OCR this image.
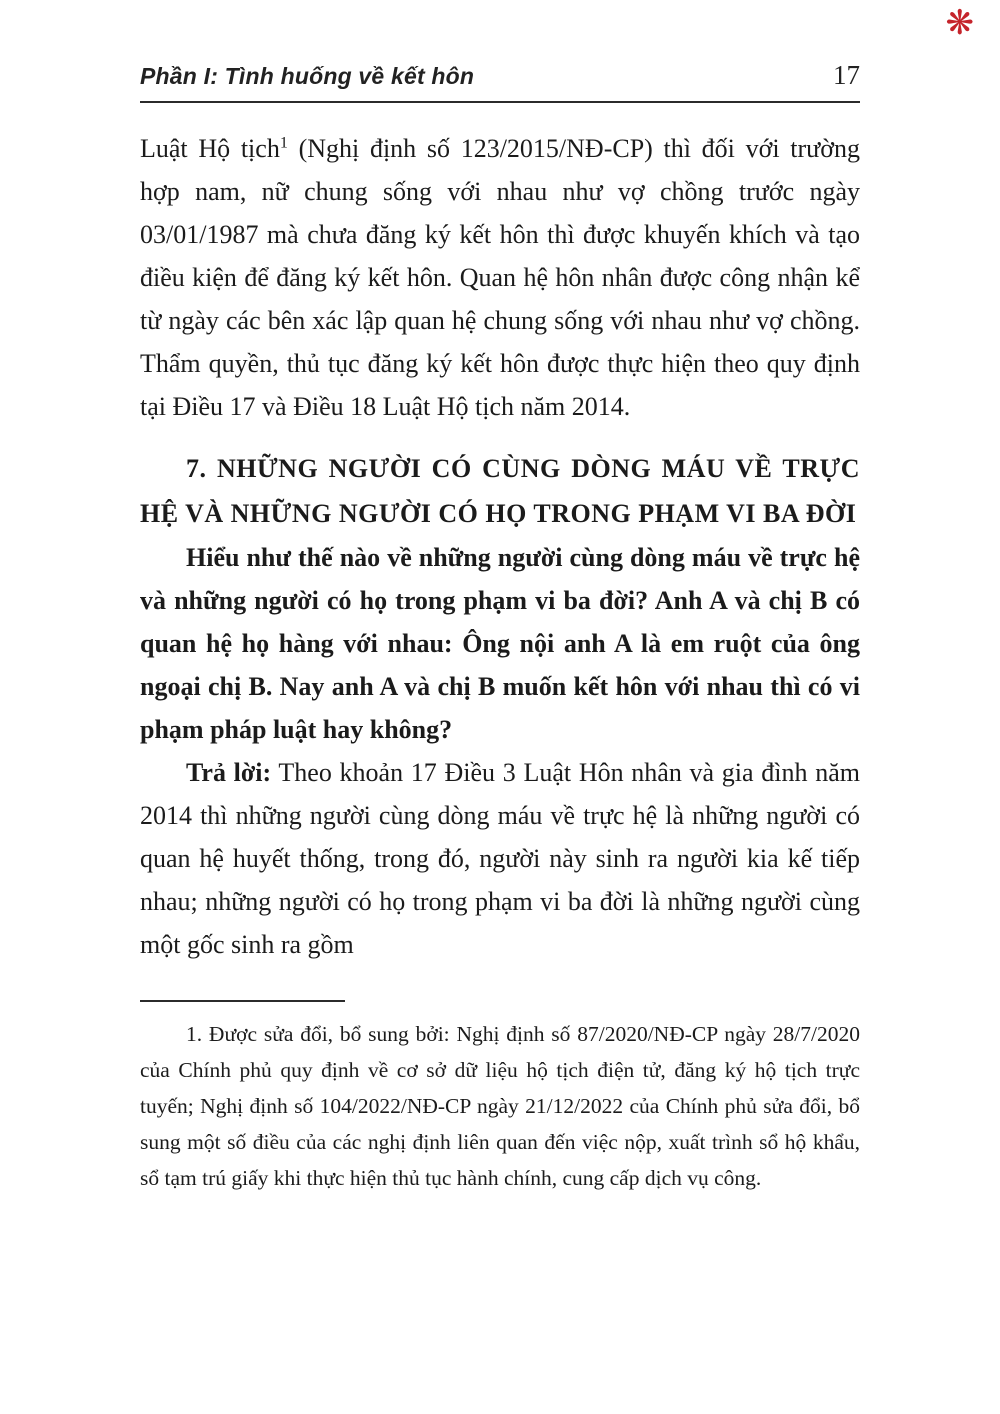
❋
Phần I: Tình huống về kết hôn	17

Luật Hộ tịch$^1$ (Nghị định số 123/2015/NĐ-CP) thì đối với trường hợp nam, nữ chung sống với nhau như vợ chồng trước ngày 03/01/1987 mà chưa đăng ký kết hôn thì được khuyến khích và tạo điều kiện để đăng ký kết hôn. Quan hệ hôn nhân được công nhận kể từ ngày các bên xác lập quan hệ chung sống với nhau như vợ chồng. Thẩm quyền, thủ tục đăng ký kết hôn được thực hiện theo quy định tại Điều 17 và Điều 18 Luật Hộ tịch năm 2014.

7. NHỮNG NGƯỜI CÓ CÙNG DÒNG MÁU VỀ TRỰC HỆ VÀ NHỮNG NGƯỜI CÓ HỌ TRONG PHẠM VI BA ĐỜI

Hiểu như thế nào về những người cùng dòng máu về trực hệ và những người có họ trong phạm vi ba đời? Anh A và chị B có quan hệ họ hàng với nhau: Ông nội anh A là em ruột của ông ngoại chị B. Nay anh A và chị B muốn kết hôn với nhau thì có vi phạm pháp luật hay không?

Trả lời: Theo khoản 17 Điều 3 Luật Hôn nhân và gia đình năm 2014 thì những người cùng dòng máu về trực hệ là những người có quan hệ huyết thống, trong đó, người này sinh ra người kia kế tiếp nhau; những người có họ trong phạm vi ba đời là những người cùng một gốc sinh ra gồm

1. Được sửa đổi, bổ sung bởi: Nghị định số 87/2020/NĐ-CP ngày 28/7/2020 của Chính phủ quy định về cơ sở dữ liệu hộ tịch điện tử, đăng ký hộ tịch trực tuyến; Nghị định số 104/2022/NĐ-CP ngày 21/12/2022 của Chính phủ sửa đổi, bổ sung một số điều của các nghị định liên quan đến việc nộp, xuất trình sổ hộ khẩu, sổ tạm trú giấy khi thực hiện thủ tục hành chính, cung cấp dịch vụ công.
